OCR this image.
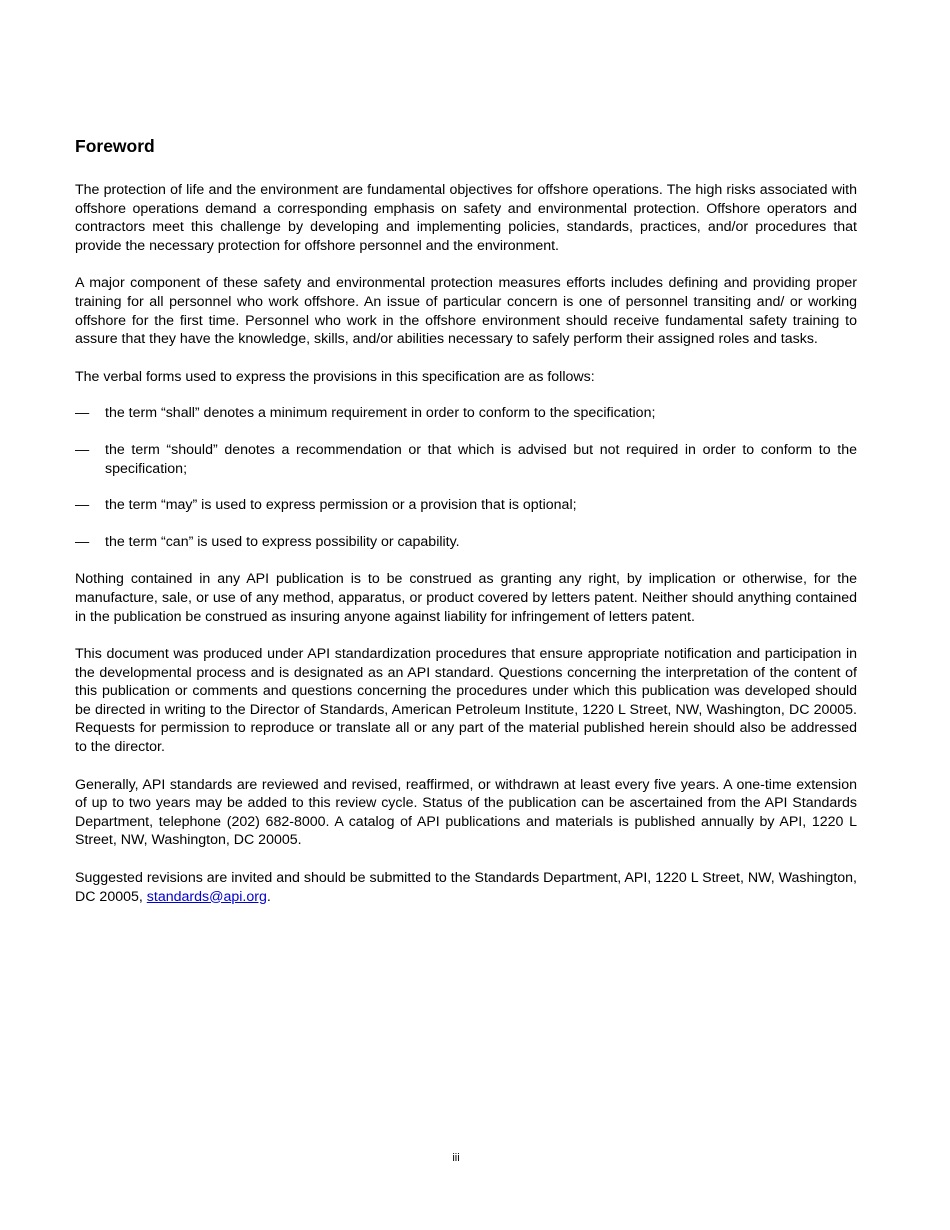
Foreword

The protection of life and the environment are fundamental objectives for offshore operations. The high risks associated with offshore operations demand a corresponding emphasis on safety and environmental protection. Offshore operators and contractors meet this challenge by developing and implementing policies, standards, practices, and/or procedures that provide the necessary protection for offshore personnel and the environment.

A major component of these safety and environmental protection measures efforts includes defining and providing proper training for all personnel who work offshore. An issue of particular concern is one of personnel transiting and/ or working offshore for the first time. Personnel who work in the offshore environment should receive fundamental safety training to assure that they have the knowledge, skills, and/or abilities necessary to safely perform their assigned roles and tasks.

The verbal forms used to express the provisions in this specification are as follows:

— the term “shall” denotes a minimum requirement in order to conform to the specification;
— the term “should” denotes a recommendation or that which is advised but not required in order to conform to the specification;
— the term “may” is used to express permission or a provision that is optional;
— the term “can” is used to express possibility or capability.

Nothing contained in any API publication is to be construed as granting any right, by implication or otherwise, for the manufacture, sale, or use of any method, apparatus, or product covered by letters patent. Neither should anything contained in the publication be construed as insuring anyone against liability for infringement of letters patent.

This document was produced under API standardization procedures that ensure appropriate notification and participation in the developmental process and is designated as an API standard. Questions concerning the interpretation of the content of this publication or comments and questions concerning the procedures under which this publication was developed should be directed in writing to the Director of Standards, American Petroleum Institute, 1220 L Street, NW, Washington, DC 20005. Requests for permission to reproduce or translate all or any part of the material published herein should also be addressed to the director.

Generally, API standards are reviewed and revised, reaffirmed, or withdrawn at least every five years. A one-time extension of up to two years may be added to this review cycle. Status of the publication can be ascertained from the API Standards Department, telephone (202) 682-8000. A catalog of API publications and materials is published annually by API, 1220 L Street, NW, Washington, DC 20005.

Suggested revisions are invited and should be submitted to the Standards Department, API, 1220 L Street, NW, Washington, DC 20005, standards@api.org.

iii
